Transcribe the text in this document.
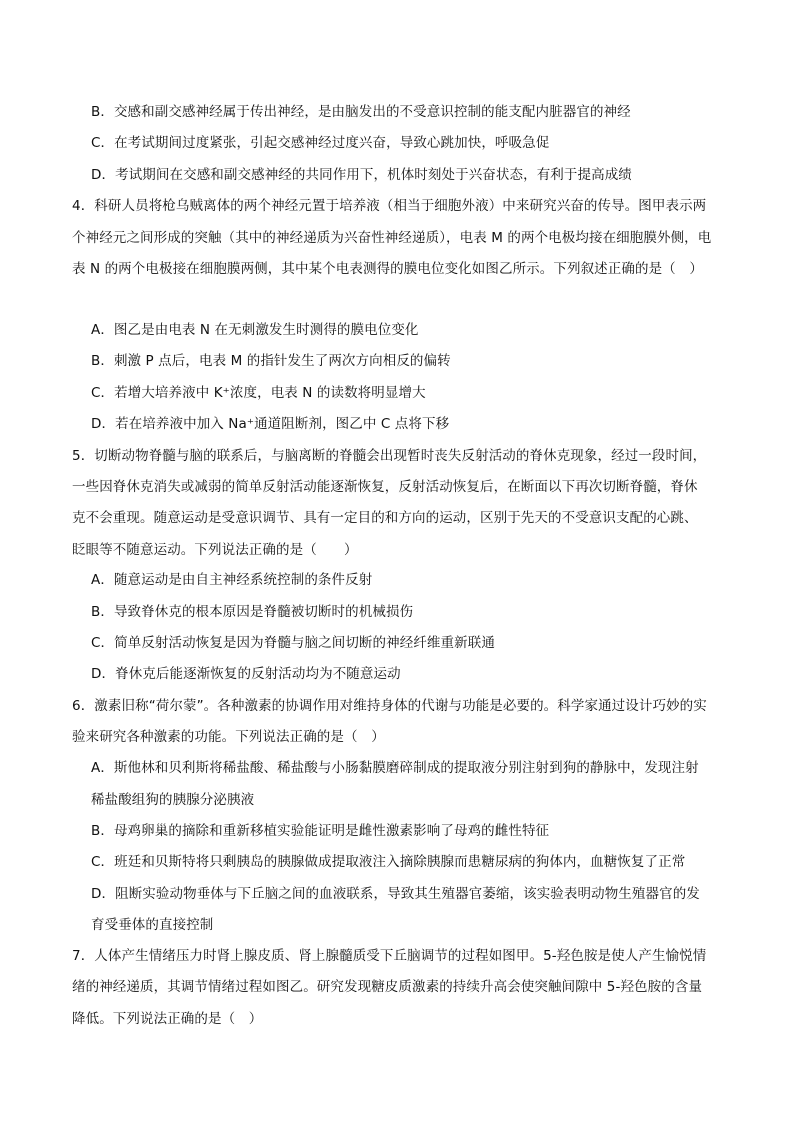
B．交感和副交感神经属于传出神经，是由脑发出的不受意识控制的能支配内脏器官的神经
C．在考试期间过度紧张，引起交感神经过度兴奋，导致心跳加快，呼吸急促
D．考试期间在交感和副交感神经的共同作用下，机体时刻处于兴奋状态，有利于提高成绩
4．科研人员将枪乌贼离体的两个神经元置于培养液（相当于细胞外液）中来研究兴奋的传导。图甲表示两
个神经元之间形成的突触（其中的神经递质为兴奋性神经递质），电表 M 的两个电极均接在细胞膜外侧，电
表 N 的两个电极接在细胞膜两侧，其中某个电表测得的膜电位变化如图乙所示。下列叙述正确的是（　）
A．图乙是由电表 N 在无刺激发生时测得的膜电位变化
B．刺激 P 点后，电表 M 的指针发生了两次方向相反的偏转
C．若增大培养液中 K⁺浓度，电表 N 的读数将明显增大
D．若在培养液中加入 Na⁺通道阻断剂，图乙中 C 点将下移
5．切断动物脊髓与脑的联系后，与脑离断的脊髓会出现暂时丧失反射活动的脊休克现象，经过一段时间，
一些因脊休克消失或减弱的简单反射活动能逐渐恢复，反射活动恢复后，在断面以下再次切断脊髓，脊休
克不会重现。随意运动是受意识调节、具有一定目的和方向的运动，区别于先天的不受意识支配的心跳、
眨眼等不随意运动。下列说法正确的是（　　）
A．随意运动是由自主神经系统控制的条件反射
B．导致脊休克的根本原因是脊髓被切断时的机械损伤
C．简单反射活动恢复是因为脊髓与脑之间切断的神经纤维重新联通
D．脊休克后能逐渐恢复的反射活动均为不随意运动
6．激素旧称“荷尔蒙”。各种激素的协调作用对维持身体的代谢与功能是必要的。科学家通过设计巧妙的实
验来研究各种激素的功能。下列说法正确的是（　）
A．斯他林和贝利斯将稀盐酸、稀盐酸与小肠黏膜磨碎制成的提取液分别注射到狗的静脉中，发现注射
稀盐酸组狗的胰腺分泌胰液
B．母鸡卵巢的摘除和重新移植实验能证明是雌性激素影响了母鸡的雌性特征
C．班廷和贝斯特将只剩胰岛的胰腺做成提取液注入摘除胰腺而患糖尿病的狗体内，血糖恢复了正常
D．阻断实验动物垂体与下丘脑之间的血液联系，导致其生殖器官萎缩，该实验表明动物生殖器官的发
育受垂体的直接控制
7．人体产生情绪压力时肾上腺皮质、肾上腺髓质受下丘脑调节的过程如图甲。5-羟色胺是使人产生愉悦情
绪的神经递质，其调节情绪过程如图乙。研究发现糖皮质激素的持续升高会使突触间隙中 5-羟色胺的含量
降低。下列说法正确的是（　）
